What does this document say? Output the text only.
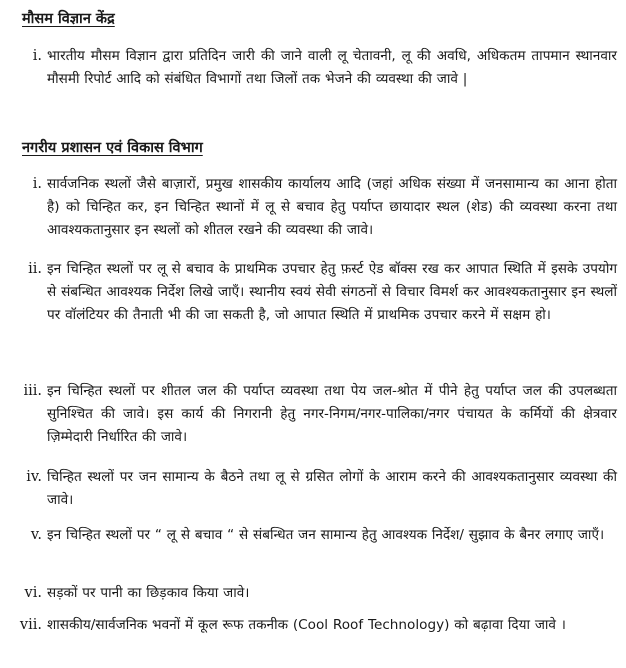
मौसम विज्ञान केंद्र
i. भारतीय मौसम विज्ञान द्वारा प्रतिदिन जारी की जाने वाली लू चेतावनी, लू की अवधि, अधिकतम तापमान स्थानवार मौसमी रिपोर्ट आदि को संबंधित विभागों तथा जिलों तक भेजने की व्यवस्था की जावे |
नगरीय प्रशासन एवं विकास विभाग
i. सार्वजनिक स्थलों जैसे बाज़ारों, प्रमुख शासकीय कार्यालय आदि (जहां अधिक संख्या में जनसामान्य का आना होता है) को चिन्हित कर, इन चिन्हित स्थानों में लू से बचाव हेतु पर्याप्त छायादार स्थल (शेड) की व्यवस्था करना तथा आवश्यकतानुसार इन स्थलों को शीतल रखने की व्यवस्था की जावे।
ii. इन चिन्हित स्थलों पर लू से बचाव के प्राथमिक उपचार हेतु फ़र्स्ट ऐड बॉक्स रख कर आपात स्थिति में इसके उपयोग से संबन्धित आवश्यक निर्देश लिखे जाएँ। स्थानीय स्वयं सेवी संगठनों से विचार विमर्श कर आवश्यकतानुसार इन स्थलों पर वॉलंटियर की तैनाती भी की जा सकती है, जो आपात स्थिति में प्राथमिक उपचार करने में सक्षम हो।
iii. इन चिन्हित स्थलों पर शीतल जल की पर्याप्त व्यवस्था तथा पेय जल-श्रोत में पीने हेतु पर्याप्त जल की उपलब्धता सुनिश्चित की जावे। इस कार्य की निगरानी हेतु नगर-निगम/नगर-पालिका/नगर पंचायत के कर्मियों की क्षेत्रवार ज़िम्मेदारी निर्धारित की जावे।
iv. चिन्हित स्थलों पर जन सामान्य के बैठने तथा लू से ग्रसित लोगों के आराम करने की आवश्यकतानुसार व्यवस्था की जावे।
v. इन चिन्हित स्थलों पर “ लू से बचाव “ से संबन्धित जन सामान्य हेतु आवश्यक निर्देश/ सुझाव के बैनर लगाए जाएँ।
vi. सड़कों पर पानी का छिड़काव किया जावे।
vii. शासकीय/सार्वजनिक भवनों में कूल रूफ तकनीक (Cool Roof Technology) को बढ़ावा दिया जावे ।
